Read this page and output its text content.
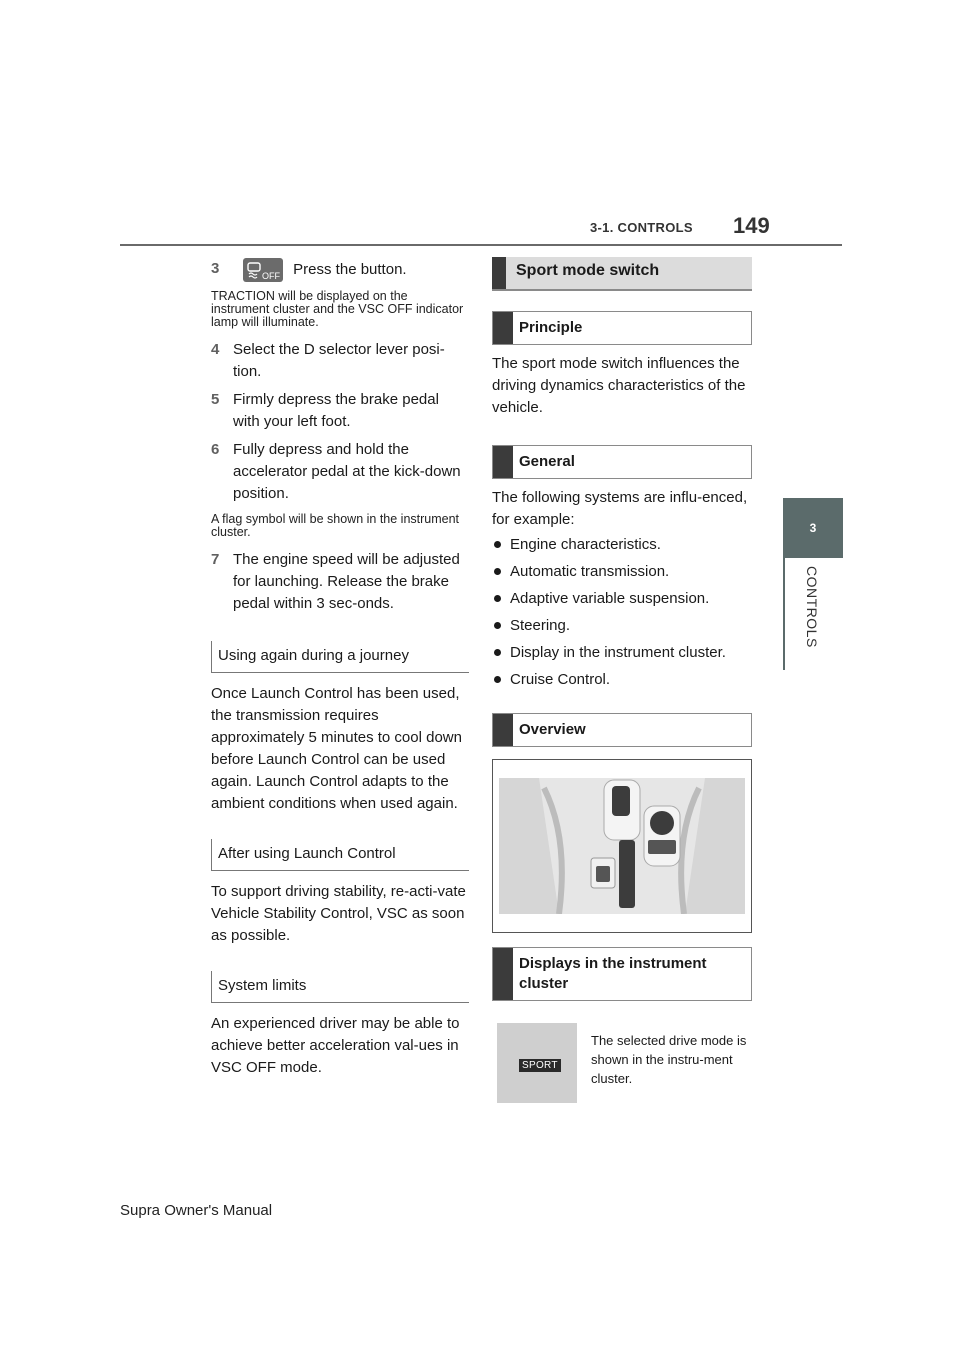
3-1. CONTROLS 149
3
CONTROLS
3	OFF Press the button.

TRACTION will be displayed on the instrument cluster and the VSC OFF indicator lamp will illuminate.

4 Select the D selector lever posi-tion.
5 Firmly depress the brake pedal with your left foot.
6 Fully depress and hold the accelerator pedal at the kick-down position.

A flag symbol will be shown in the instrument cluster.

7 The engine speed will be adjusted for launching. Release the brake pedal within 3 sec-onds.

Using again during a journey

Once Launch Control has been used, the transmission requires approximately 5 minutes to cool down before Launch Control can be used again. Launch Control adapts to the ambient conditions when used again.

After using Launch Control

To support driving stability, re-acti-vate Vehicle Stability Control, VSC as soon as possible.

System limits

An experienced driver may be able to achieve better acceleration val-ues in VSC OFF mode.

Sport mode switch
Principle

The sport mode switch influences the driving dynamics characteristics of the vehicle.

General

The following systems are influ-enced, for example:

Engine characteristics.
Automatic transmission.
Adaptive variable suspension.
Steering.
Display in the instrument cluster.
Cruise Control.
Overview
Displays in the instrument cluster
SPORT
The selected drive mode is shown in the instru-ment cluster.
Supra Owner's Manual
